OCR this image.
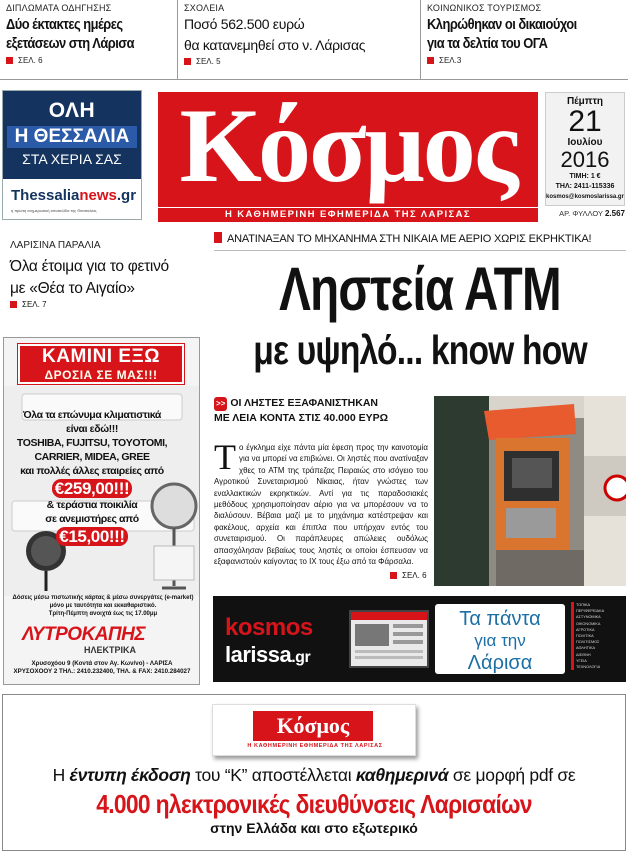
ΔΙΠΛΩΜΑΤΑ ΟΔΗΓΗΣΗΣ
Δύο έκτακτες ημέρες
εξετάσεων στη Λάρισα
ΣΕΛ. 6
ΣΧΟΛΕΙΑ
Ποσό 562.500 ευρώ
θα κατανεμηθεί στο ν. Λάρισας
ΣΕΛ. 5
ΚΟΙΝΩΝΙΚΟΣ ΤΟΥΡΙΣΜΟΣ
Κληρώθηκαν οι δικαιούχοι
για τα δελτία του ΟΓΑ
ΣΕΛ.3
ΟΛΗ
Η ΘΕΣΣΑΛΙΑ
ΣΤΑ ΧΕΡΙΑ ΣΑΣ
Thessalianews.gr
η πρώτη ενημερωτική ιστοσελίδα της Θεσσαλίας
Κόσμος
Η ΚΑΘΗΜΕΡΙΝΗ ΕΦΗΜΕΡΙΔΑ ΤΗΣ ΛΑΡΙΣΑΣ
Πέμπτη
21
Ιουλίου
2016
ΤΙΜΗ: 1 €
ΤΗΛ: 2411-115336
kosmos@kosmoslarissa.gr
ΑΡ. ΦΥΛΛΟΥ 2.567
ΛΑΡΙΣΙΝΑ ΠΑΡΑΛΙΑ
Όλα έτοιμα για το φετινό
με «Θέα το Αιγαίο»
ΣΕΛ. 7
ΑΝΑΤΙΝΑΞΑΝ ΤΟ ΜΗΧΑΝΗΜΑ ΣΤΗ ΝΙΚΑΙΑ ΜΕ ΑΕΡΙΟ ΧΩΡΙΣ ΕΚΡΗΚΤΙΚΑ!
Ληστεία ΑΤΜ
με υψηλό... know how
>> ΟΙ ΛΗΣΤΕΣ ΕΞΑΦΑΝΙΣΤΗΚΑΝ
ΜΕ ΛΕΙΑ ΚΟΝΤΑ ΣΤΙΣ 40.000 ΕΥΡΩ
Το έγκλημα είχε πάντα μία έφεση προς την καινοτομία για να μπορεί να επιβιώνει. Οι ληστές που ανατίναξαν χθες το ΑΤΜ της τράπεζας Πειραιώς στο ισόγειο του Αγροτικού Συνεταιρισμού Νίκαιας, ήταν γνώστες των εναλλακτικών εκρηκτικών. Αντί για τις παραδοσιακές μεθόδους χρησιμοποίησαν αέριο για να μπορέσουν να το διαλύσουν. Βέβαια μαζί με το μηχάνημα κατέστρεψαν και φακέλους, αρχεία και έπιπλα που υπήρχαν εντός του συνεταιρισμού. Οι παράπλευρες απώλειες ουδόλως απασχόλησαν βεβαίως τους ληστές οι οποίοι έσπευσαν να εξαφανιστούν καίγοντας το ΙΧ τους έξω από τα Φάρσαλα.
ΣΕΛ. 6
ΚΑΜΙΝΙ ΕΞΩ
ΔΡΟΣΙΑ ΣΕ ΜΑΣ!!!
Όλα τα επώνυμα κλιματιστικά
είναι εδώ!!!
TOSHIBA, FUJITSU, TOYOTOMI,
CARRIER, MIDEA, GREE
και πολλές άλλες εταιρείες από
€259,00!!!
& τεράστια ποικιλία
σε ανεμιστήρες από
€15,00!!!
Δόσεις μέσω πιστωτικής κάρτας & μέσω συνεργάτες (e-market)
μόνο με ταυτότητα και εκκαθαριστικό.
Τρίτη-Πέμπτη ανοιχτά έως τις 17.00μμ
ΛΥΤΡΟΚΑΠΗΣ
ΗΛΕΚΤΡΙΚΑ
Χρυσοχόου 9 (Κοντά στον Αγ. Κων/νο) - ΛΑΡΙΣΑ
ΧΡΥΣΟΧΟΟΥ 2 ΤΗΛ.: 2410.232400, ΤΗΛ. & FAX: 2410.284027
kosmos
larissa.gr
Τα πάντα
για την
Λάρισα
ΤΟΠΙΚΑ
ΠΕΡΙΦΕΡΕΙΑΚΑ
ΑΣΤΥΝΟΜΙΚΑ
ΟΙΚΟΝΟΜΙΚΑ
ΑΓΡΟΤΙΚΑ
ΠΟΛΙΤΙΚΑ
ΠΟΛΙΤΙΣΜΟΣ
ΑΘΛΗΤΙΚΑ
ΔΙΕΘΝΗ
ΥΓΕΙΑ
ΤΕΧΝΟΛΟΓΙΑ
Κόσμος
Η ΚΑΘΗΜΕΡΙΝΗ ΕΦΗΜΕΡΙΔΑ ΤΗΣ ΛΑΡΙΣΑΣ
Η έντυπη έκδοση του “Κ” αποστέλλεται καθημερινά σε μορφή pdf σε
4.000 ηλεκτρονικές διευθύνσεις Λαρισαίων
στην Ελλάδα και στο εξωτερικό
